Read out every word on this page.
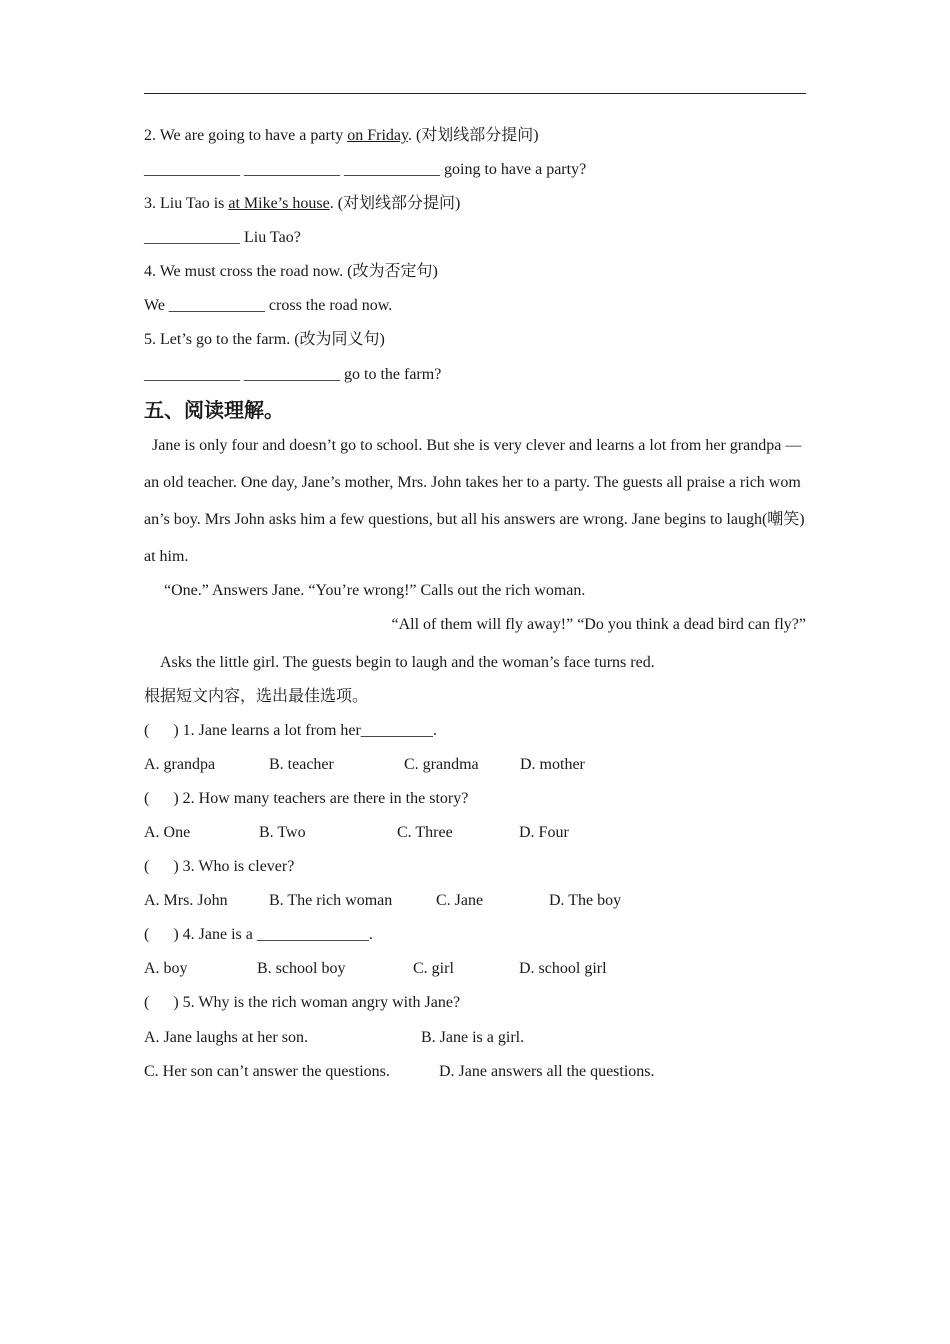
2. We are going to have a party on Friday. (对划线部分提问)
____________ ____________ ____________ going to have a party?
3. Liu Tao is at Mike’s house. (对划线部分提问)
____________ Liu Tao?
4. We must cross the road now. (改为否定句)
We ____________ cross the road now.
5. Let’s go to the farm. (改为同义句)
____________ ____________ go to the farm?
五、阅读理解。
Jane is only four and doesn’t go to school. But she is very clever and learns a lot from her grandpa — an old teacher. One day, Jane’s mother, Mrs. John takes her to a party. The guests all praise a rich woman’s boy. Mrs John asks him a few questions, but all his answers are wrong. Jane begins to laugh(嘲笑) at him.
“One.” Answers Jane. “You’re wrong!” Calls out the rich woman.
“All of them will fly away!” “Do you think a dead bird can fly?”
Asks the little girl. The guests begin to laugh and the woman’s face turns red.
根据短文内容，选出最佳选项。
(      ) 1. Jane learns a lot from her_________.
A. grandpa	B. teacher	C. grandma	D. mother
(      ) 2. How many teachers are there in the story?
A. One	B. Two	C. Three	D. Four
(      ) 3. Who is clever?
A. Mrs. John	B. The rich woman	C. Jane	D. The boy
(      ) 4. Jane is a ______________.
A. boy	B. school boy	C. girl	D. school girl
(      ) 5. Why is the rich woman angry with Jane?
A. Jane laughs at her son.	B. Jane is a girl.
C. Her son can’t answer the questions.	D. Jane answers all the questions.
